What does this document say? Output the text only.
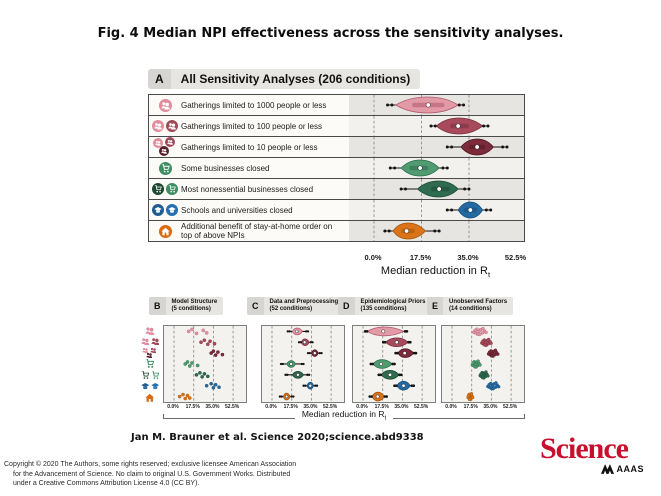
Fig. 4 Median NPI effectiveness across the sensitivity analyses.
A	All Sensitivity Analyses (206 conditions)
Gatherings limited to 1000 people or less
Gatherings limited to 100 people or less
Gatherings limited to 10 people or less
Some businesses closed
Most nonessential businesses closed
Schools and universities closed
Additional benefit of stay-at-home order on top of above NPIs
0.0%	17.5%	35.0%	52.5%
Median reduction in $R_t$
B	Model Structure
(5 conditions)
0.0% 17.5% 35.0% 52.5%
C	Data and Preprocessing
(52 conditions)
0.0% 17.5% 35.0% 52.5%
D	Epidemiological Priors
(135 conditions)
0.0% 17.5% 35.0% 52.5%
E	Unobserved Factors
(14 conditions)
0.0% 17.5% 35.0% 52.5%
Median reduction in $R_t$
Jan M. Brauner et al. Science 2020;science.abd9338
Copyright © 2020 The Authors, some rights reserved; exclusive licensee American Association
for the Advancement of Science. No claim to original U.S. Government Works. Distributed
under a Creative Commons Attribution License 4.0 (CC BY).
Science
AAAS
